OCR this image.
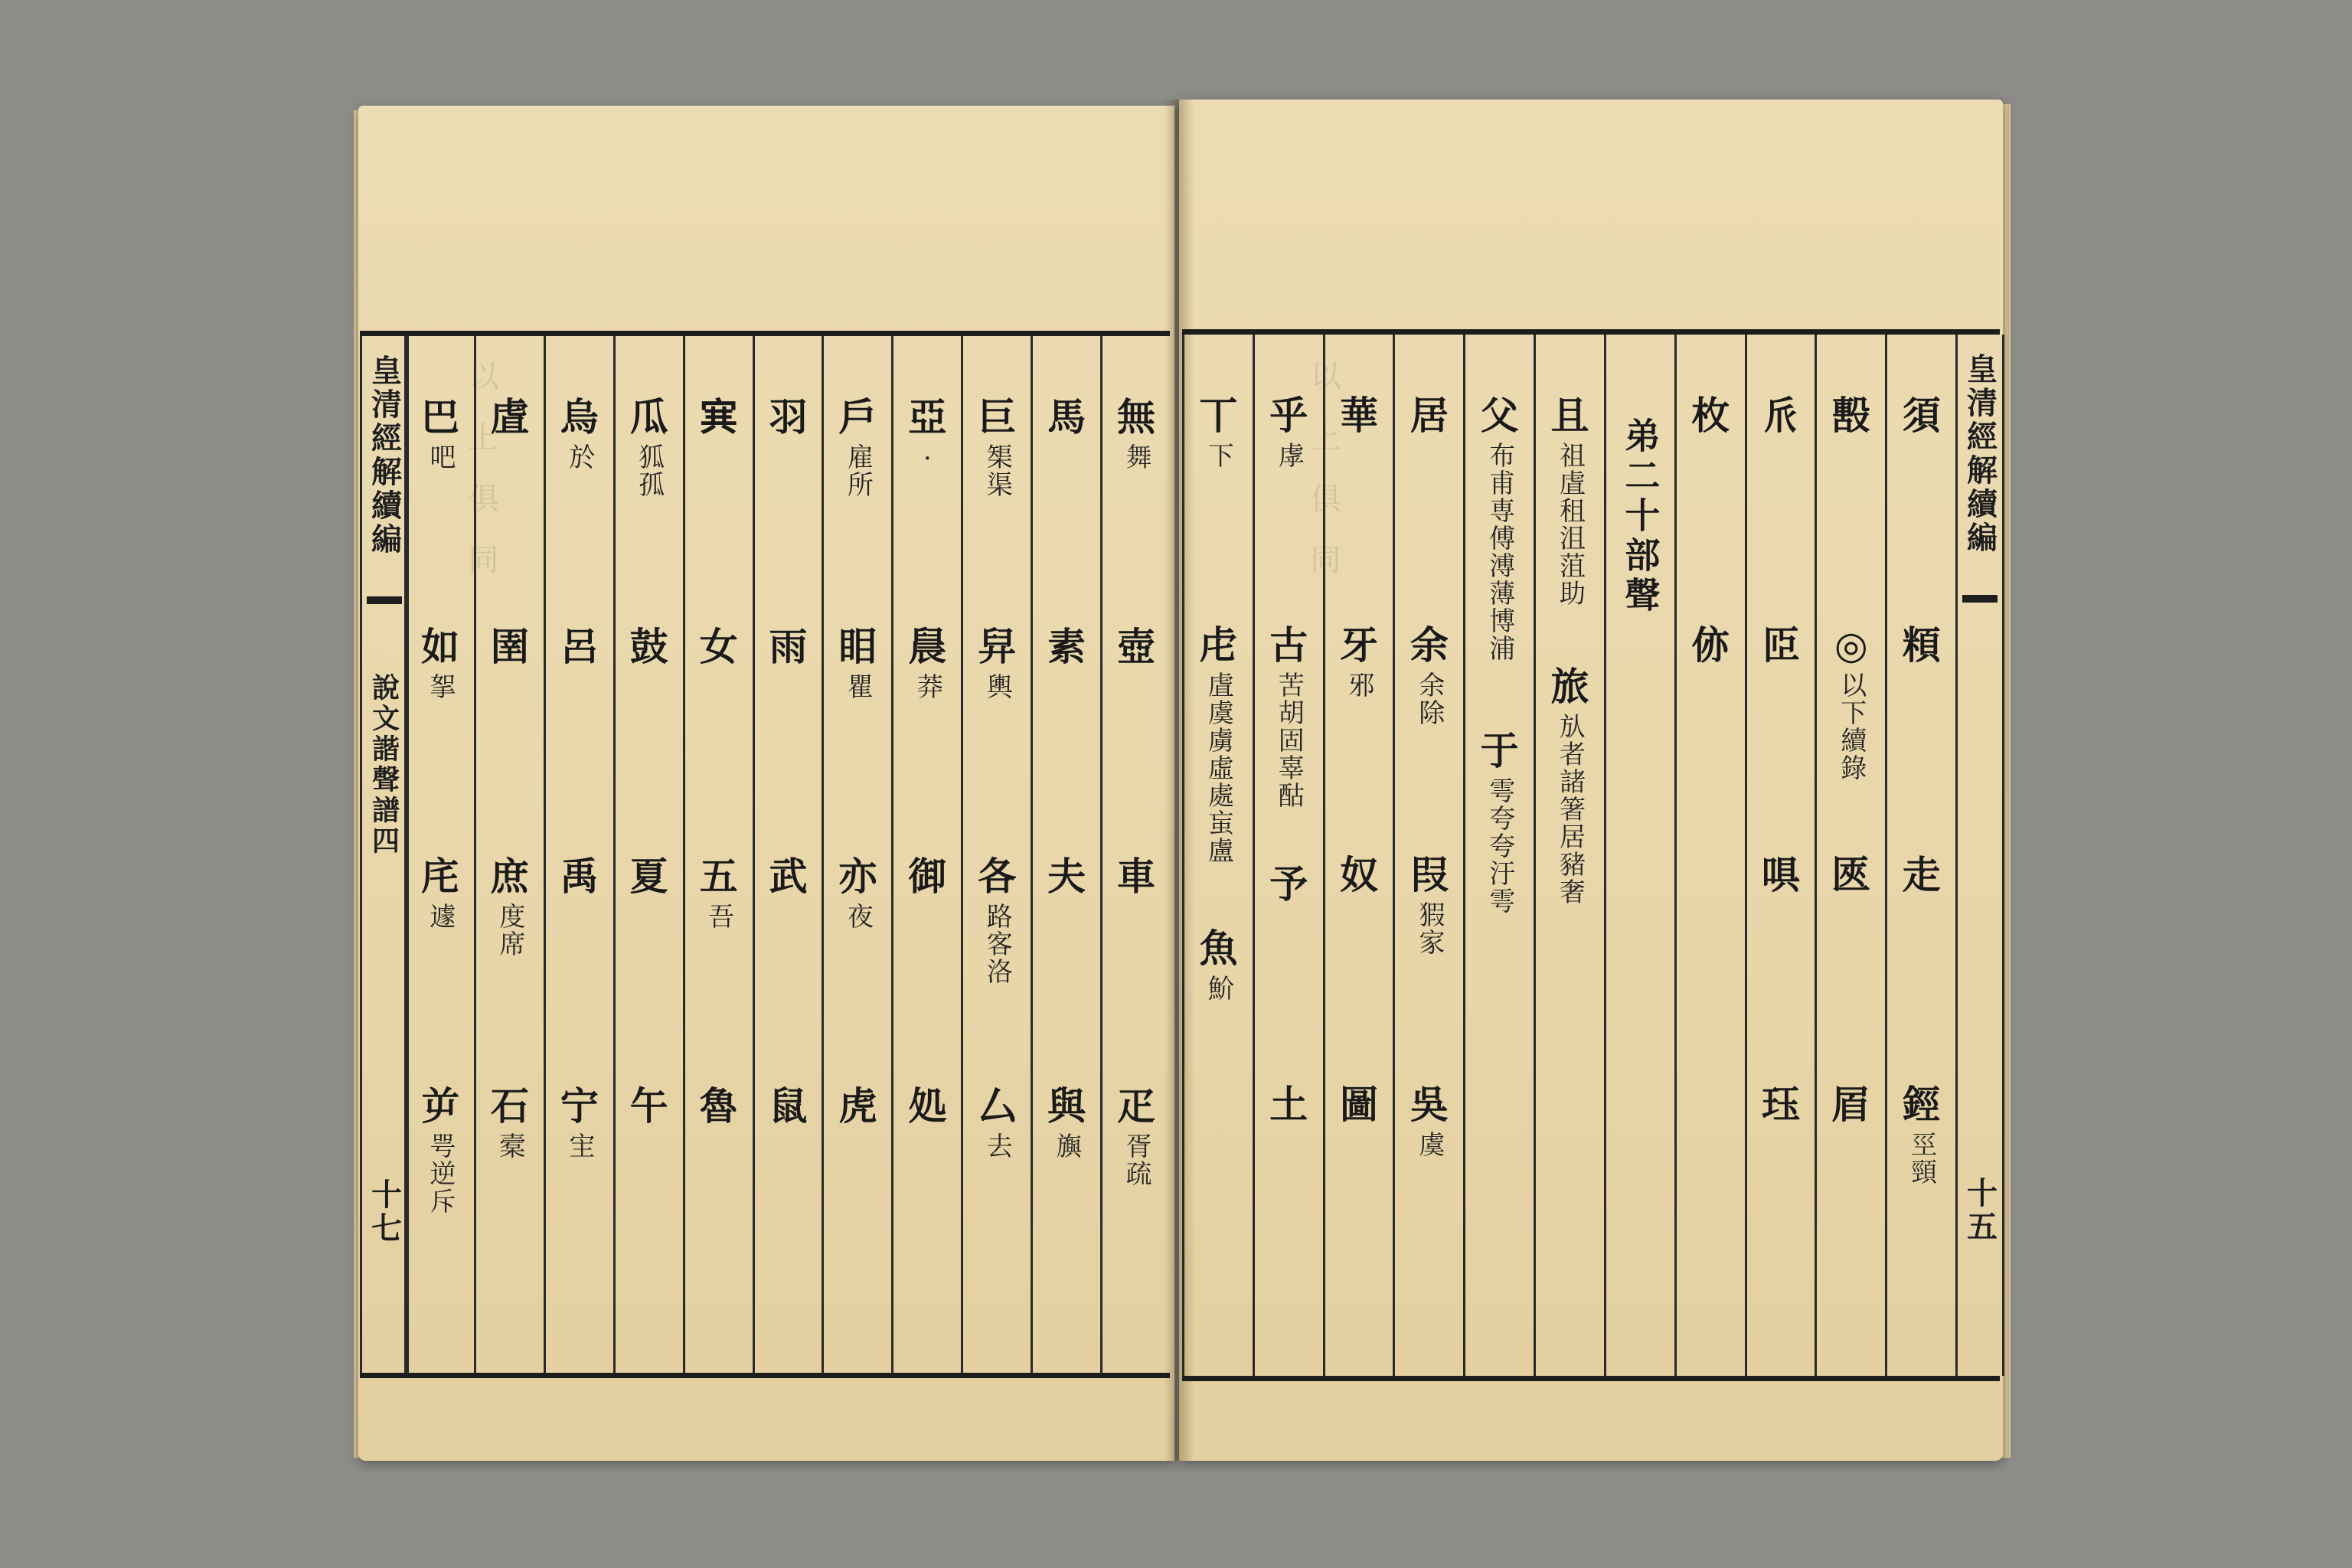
以上俱同	以上俱同
皇清經解續編
說文諧聲譜四
十七
無
舞
壺
車
疋
胥疏
馬
素
夫
與
旟
巨
榘渠
舁
輿
各
路客洛
厶
去
亞
·
䢅
莽
御
処
戶
雇所
䀠
瞿
亦
夜
虎
羽
雨
武
鼠
𡨄
女
五
吾
魯
瓜
狐孤
鼓
夏
午
烏
於
呂
禹
宁
宔
虘
圉
庶
度席
石
槖
巴
吧
如
挐
㡯
遽
屰
咢逆斥
皇清經解續編
十五
須
頪
走
鋞
巠頸
毄
◎
以下續錄
匧
㞒
𠂢
𦣝
㖵
珏
枚
㑊
弟二十部聲
且
祖虘租沮菹助
旅
㫃者諸箸居豬奢
父
布甫専傅溥薄博浦
于
雩夸夸汙雩
居
余
余除
叚
猳家
吳
虞
華
牙
邪
奴
圖
乎
虖
古
苦胡固辜酤
予
土
丅
下
虍
虘虞虜虛處䖟盧
魚
魪
